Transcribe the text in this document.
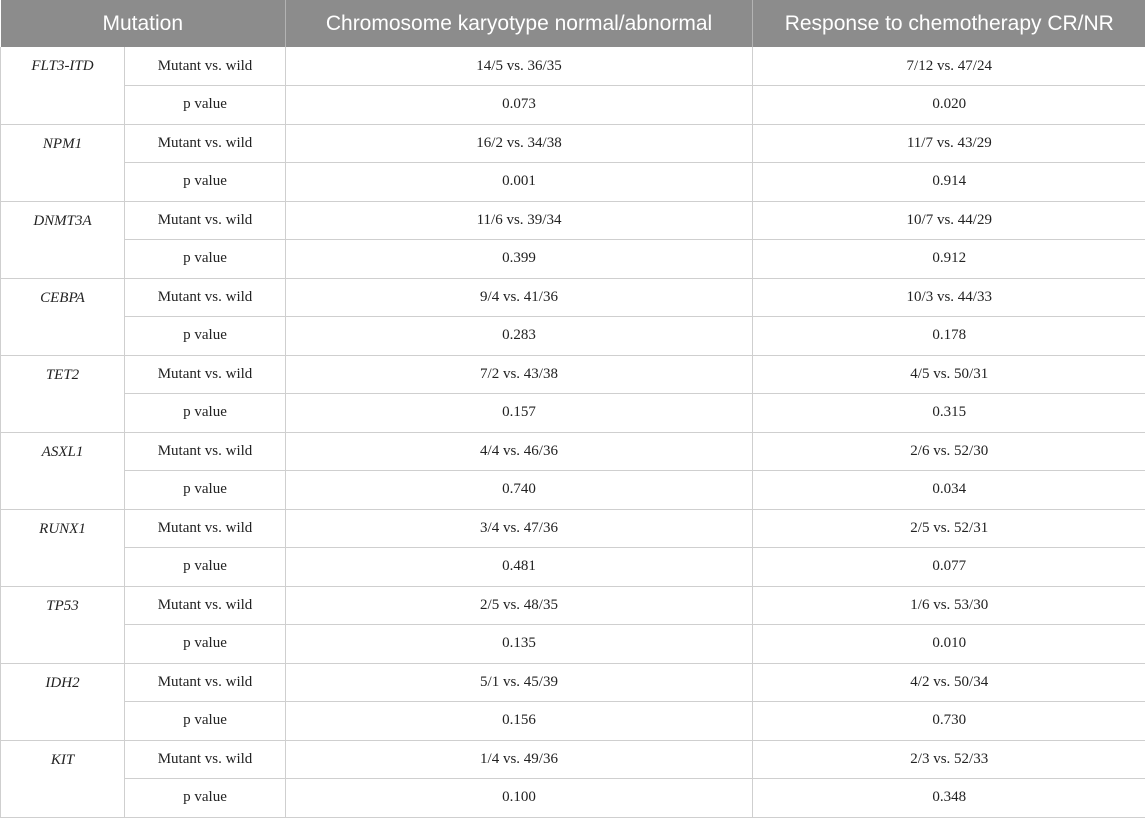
Mutation		Chromosome karyotype normal/abnormal	Response to chemotherapy CR/NR
FLT3-ITD	Mutant vs. wild	14/5 vs. 36/35	7/12 vs. 47/24
	p value	0.073	0.020
NPM1	Mutant vs. wild	16/2 vs. 34/38	11/7 vs. 43/29
	p value	0.001	0.914
DNMT3A	Mutant vs. wild	11/6 vs. 39/34	10/7 vs. 44/29
	p value	0.399	0.912
CEBPA	Mutant vs. wild	9/4 vs. 41/36	10/3 vs. 44/33
	p value	0.283	0.178
TET2	Mutant vs. wild	7/2 vs. 43/38	4/5 vs. 50/31
	p value	0.157	0.315
ASXL1	Mutant vs. wild	4/4 vs. 46/36	2/6 vs. 52/30
	p value	0.740	0.034
RUNX1	Mutant vs. wild	3/4 vs. 47/36	2/5 vs. 52/31
	p value	0.481	0.077
TP53	Mutant vs. wild	2/5 vs. 48/35	1/6 vs. 53/30
	p value	0.135	0.010
IDH2	Mutant vs. wild	5/1 vs. 45/39	4/2 vs. 50/34
	p value	0.156	0.730
KIT	Mutant vs. wild	1/4 vs. 49/36	2/3 vs. 52/33
	p value	0.100	0.348
